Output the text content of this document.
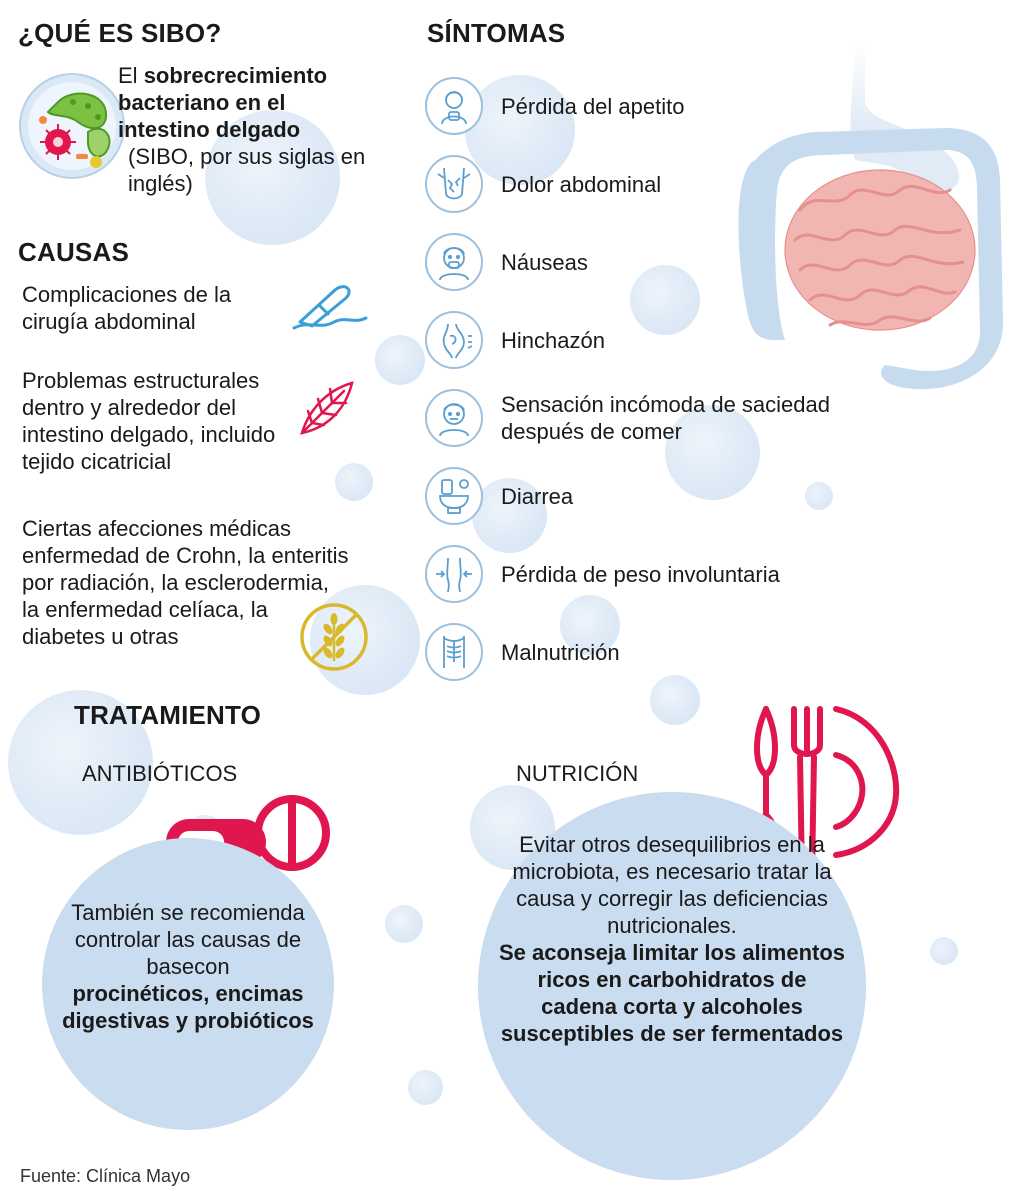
¿QUÉ ES SIBO?
El sobrecrecimiento bacteriano en el intestino delgado
(SIBO, por sus siglas en inglés)
CAUSAS
Complicaciones de la cirugía abdominal
Problemas estructurales dentro y alrededor del intestino delgado, incluido tejido cicatricial
Ciertas afecciones médicas enfermedad de Crohn, la enteritis por radiación, la esclerodermia, la enfermedad celíaca, la diabetes u otras
SÍNTOMAS
Pérdida del apetito
Dolor abdominal
Náuseas
Hinchazón
Sensación incómoda de saciedad después de comer
Diarrea
Pérdida de peso involuntaria
Malnutrición
TRATAMIENTO
ANTIBIÓTICOS	NUTRICIÓN
También se recomienda controlar las causas de basecon
procinéticos, encimas digestivas y probióticos
Evitar otros desequilibrios en la microbiota, es necesario tratar la causa y corregir las deficiencias nutricionales.
Se aconseja limitar los alimentos ricos en carbohidratos de cadena corta y alcoholes susceptibles de ser fermentados
Fuente: Clínica Mayo
